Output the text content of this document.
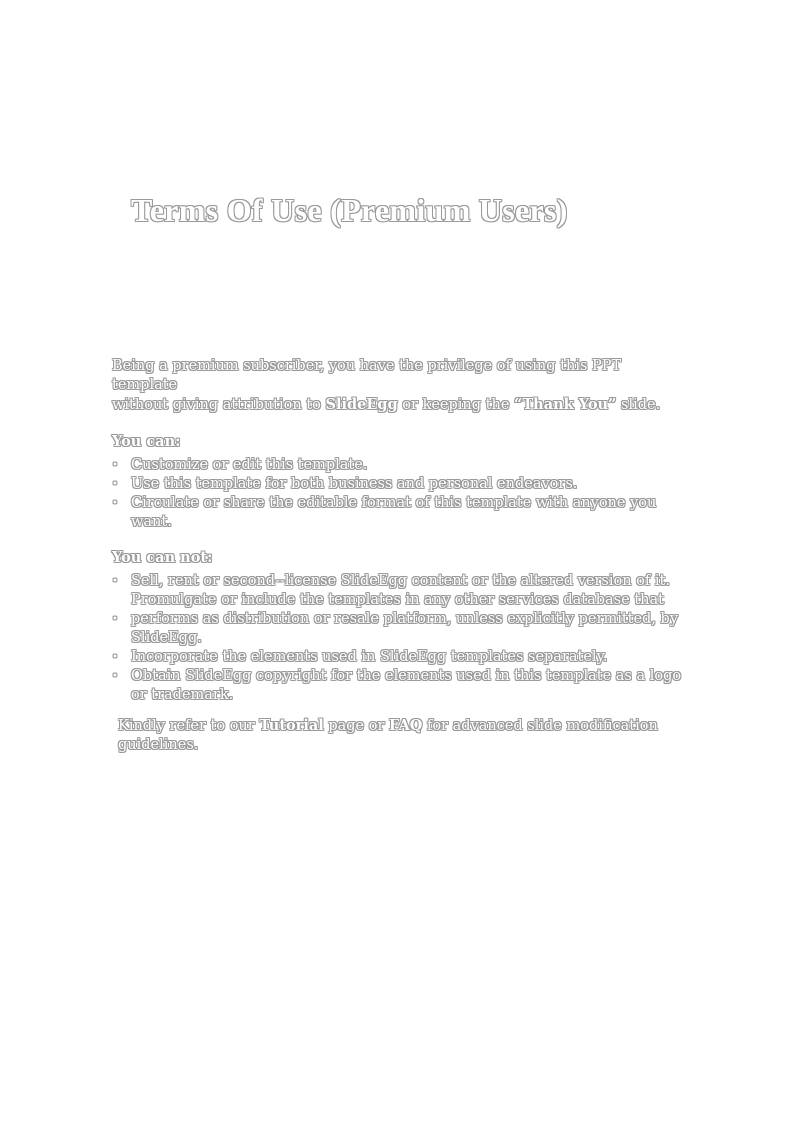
Terms Of Use (Premium Users)

Being a premium subscriber, you have the privilege of using this PPT

template

without giving attribution to SlideEgg or keeping the “Thank You” slide.

You can:

• Customize or edit this template.
• Use this template for both business and personal endeavors.
• Circulate or share the editable format of this template with anyone you want.

You can not:

• Sell, rent or second--license SlideEgg content or the altered version of it.
•
Promulgate or include the templates in any other services database that performs as distribution or resale platform, unless explicitly permitted, by SlideEgg.
• Incorporate the elements used in SlideEgg templates separately.
• Obtain SlideEgg copyright for the elements used in this template as a logo or trademark.

Kindly refer to our Tutorial page or FAQ for advanced slide modification guidelines.
